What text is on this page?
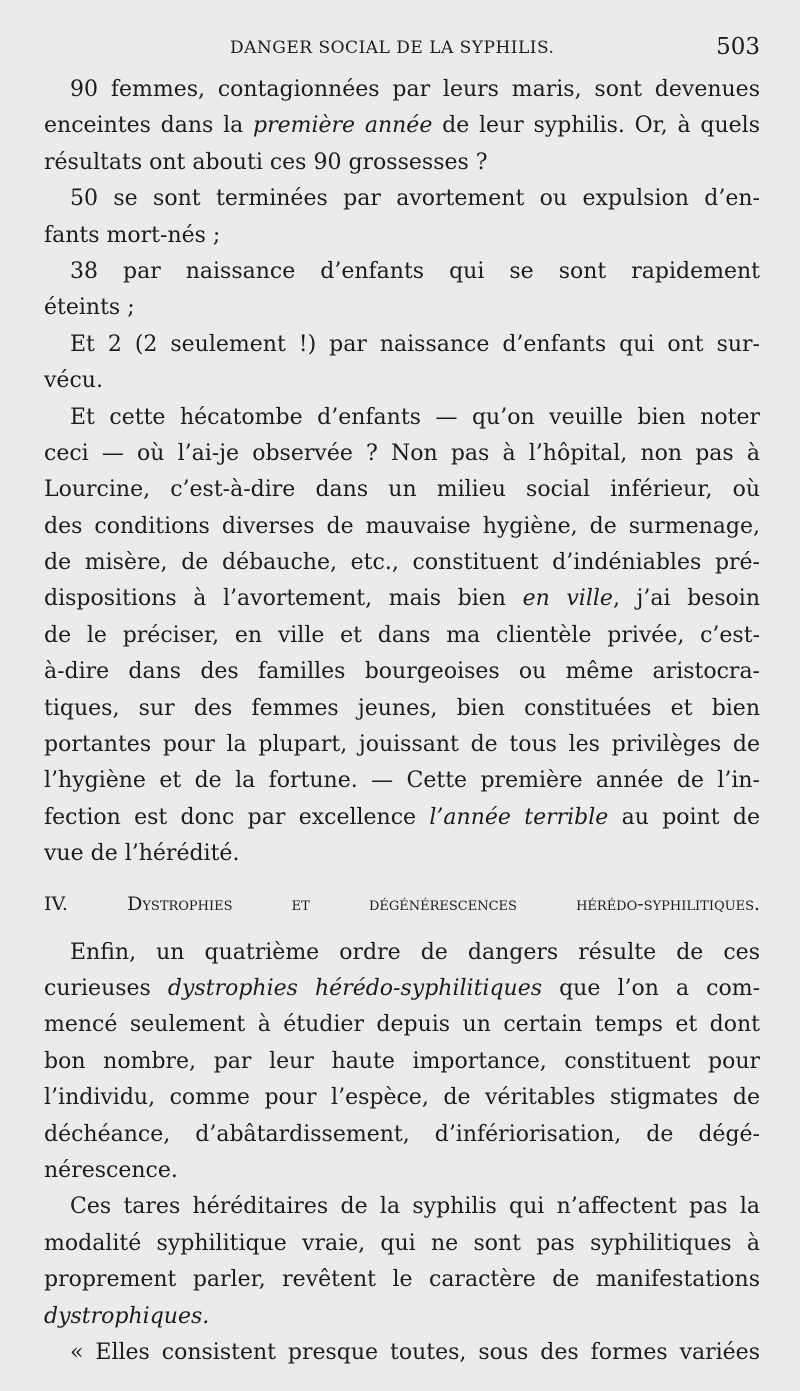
DANGER SOCIAL DE LA SYPHILIS.	503
90 femmes, contagionnées par leurs maris, sont devenues
enceintes dans la première année de leur syphilis. Or, à quels
résultats ont abouti ces 90 grossesses ?
50 se sont terminées par avortement ou expulsion d’en-
fants mort-nés ;
38 par naissance d’enfants qui se sont rapidement
éteints ;
Et 2 (2 seulement !) par naissance d’enfants qui ont sur-
vécu.
Et cette hécatombe d’enfants — qu’on veuille bien noter
ceci — où l’ai-je observée ? Non pas à l’hôpital, non pas à
Lourcine, c’est-à-dire dans un milieu social inférieur, où
des conditions diverses de mauvaise hygiène, de surmenage,
de misère, de débauche, etc., constituent d’indéniables pré-
dispositions à l’avortement, mais bien en ville, j’ai besoin
de le préciser, en ville et dans ma clientèle privée, c’est-
à-dire dans des familles bourgeoises ou même aristocra-
tiques, sur des femmes jeunes, bien constituées et bien
portantes pour la plupart, jouissant de tous les privilèges de
l’hygiène et de la fortune. — Cette première année de l’in-
fection est donc par excellence l’année terrible au point de
vue de l’hérédité.
IV.	Dystrophies et dégénérescences hérédo-syphilitiques.
Enfin, un quatrième ordre de dangers résulte de ces
curieuses dystrophies hérédo-syphilitiques que l’on a com-
mencé seulement à étudier depuis un certain temps et dont
bon nombre, par leur haute importance, constituent pour
l’individu, comme pour l’espèce, de véritables stigmates de
déchéance, d’abâtardissement, d’infériorisation, de dégé-
nérescence.
Ces tares héréditaires de la syphilis qui n’affectent pas la
modalité syphilitique vraie, qui ne sont pas syphilitiques à
proprement parler, revêtent le caractère de manifestations
dystrophiques.
« Elles consistent presque toutes, sous des formes variées
